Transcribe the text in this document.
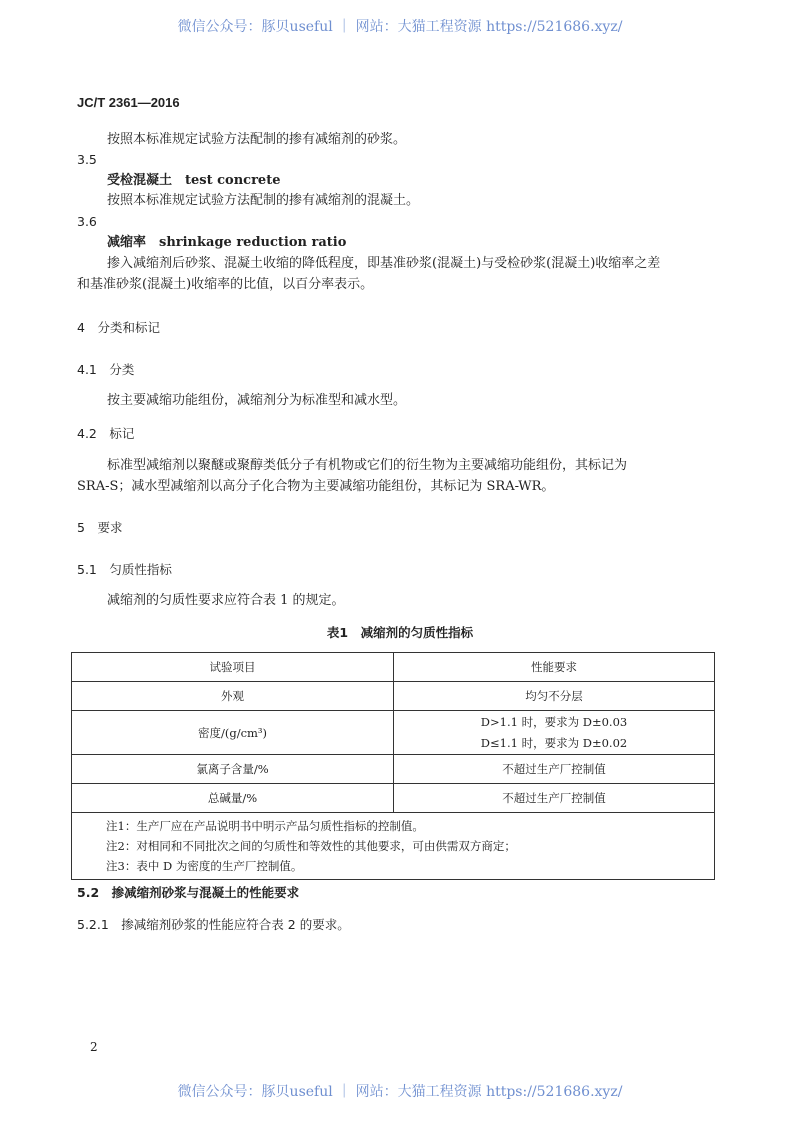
微信公众号：豚贝useful ｜ 网站：大猫工程资源 https://521686.xyz/
JC/T 2361—2016
按照本标准规定试验方法配制的掺有减缩剂的砂浆。
3.5
受检混凝土　test concrete
按照本标准规定试验方法配制的掺有减缩剂的混凝土。
3.6
减缩率　shrinkage reduction ratio
掺入减缩剂后砂浆、混凝土收缩的降低程度，即基准砂浆(混凝土)与受检砂浆(混凝土)收缩率之差
和基准砂浆(混凝土)收缩率的比值，以百分率表示。
4　分类和标记
4.1　分类
按主要减缩功能组份，减缩剂分为标准型和减水型。
4.2　标记
标准型减缩剂以聚醚或聚醇类低分子有机物或它们的衍生物为主要减缩功能组份，其标记为
SRA-S；减水型减缩剂以高分子化合物为主要减缩功能组份，其标记为 SRA-WR。
5　要求
5.1　匀质性指标
减缩剂的匀质性要求应符合表 1 的规定。
表1　减缩剂的匀质性指标
试验项目	性能要求
外观	均匀不分层
密度/(g/cm³)	D>1.1 时，要求为 D±0.03
D≤1.1 时，要求为 D±0.02

氯离子含量/%	不超过生产厂控制值
总碱量/%	不超过生产厂控制值

注1：生产厂应在产品说明书中明示产品匀质性指标的控制值。
注2：对相同和不同批次之间的匀质性和等效性的其他要求，可由供需双方商定；
注3：表中 D 为密度的生产厂控制值。	
5.2　掺减缩剂砂浆与混凝土的性能要求
5.2.1　掺减缩剂砂浆的性能应符合表 2 的要求。
2
微信公众号：豚贝useful ｜ 网站：大猫工程资源 https://521686.xyz/
